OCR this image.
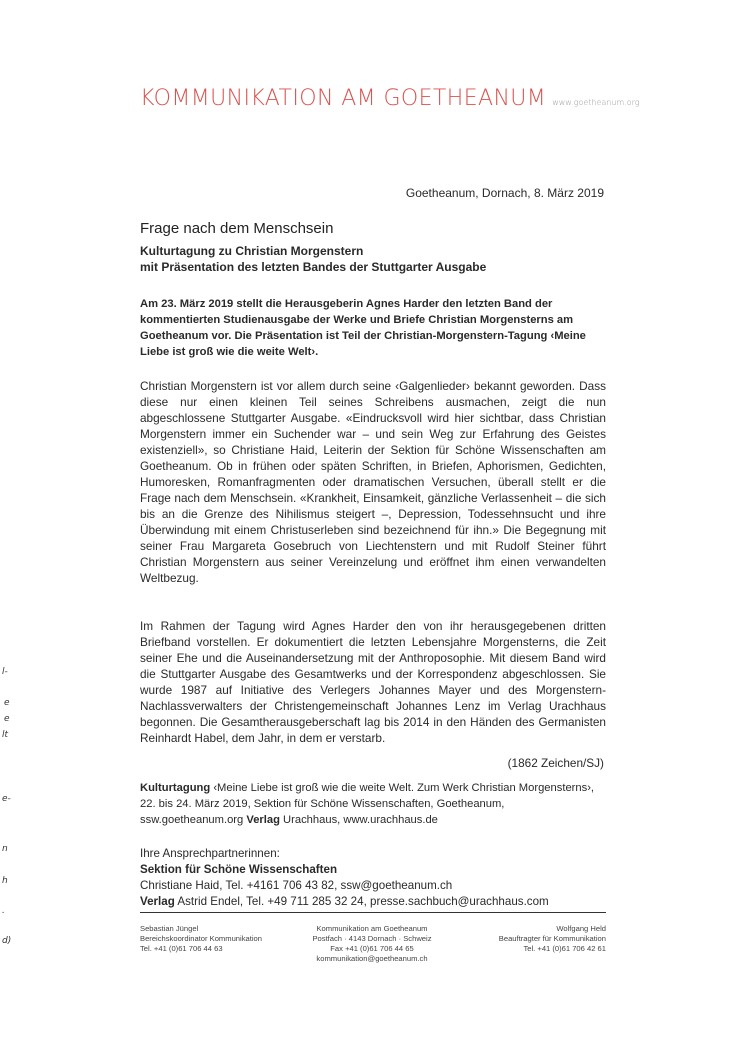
KOMMUNIKATION AM GOETHEANUM www.goetheanum.org
Goetheanum, Dornach, 8. März 2019
Frage nach dem Menschsein
Kulturtagung zu Christian Morgenstern
mit Präsentation des letzten Bandes der Stuttgarter Ausgabe
Am 23. März 2019 stellt die Herausgeberin Agnes Harder den letzten Band der kommentierten Studienausgabe der Werke und Briefe Christian Morgensterns am Goetheanum vor. Die Präsentation ist Teil der Christian-Morgenstern-Tagung ‹Meine Liebe ist groß wie die weite Welt›.
Christian Morgenstern ist vor allem durch seine ‹Galgenlieder› bekannt geworden. Dass diese nur einen kleinen Teil seines Schreibens ausmachen, zeigt die nun abgeschlossene Stuttgarter Ausgabe. «Eindrucksvoll wird hier sichtbar, dass Christian Morgenstern immer ein Suchender war – und sein Weg zur Erfahrung des Geistes existenziell», so Christiane Haid, Leiterin der Sektion für Schöne Wissenschaften am Goetheanum. Ob in frühen oder späten Schriften, in Briefen, Aphorismen, Gedichten, Humoresken, Romanfragmenten oder dramatischen Versuchen, überall stellt er die Frage nach dem Menschsein. «Krankheit, Einsamkeit, gänzliche Verlassenheit – die sich bis an die Grenze des Nihilismus steigert –, Depression, Todessehnsucht und ihre Überwindung mit einem Christuserleben sind bezeichnend für ihn.» Die Begegnung mit seiner Frau Margareta Gosebruch von Liechtenstern und mit Rudolf Steiner führt Christian Morgenstern aus seiner Vereinzelung und eröffnet ihm einen verwandelten Weltbezug.
Im Rahmen der Tagung wird Agnes Harder den von ihr herausgegebenen dritten Briefband vorstellen. Er dokumentiert die letzten Lebensjahre Morgensterns, die Zeit seiner Ehe und die Auseinandersetzung mit der Anthroposophie. Mit diesem Band wird die Stuttgarter Ausgabe des Gesamtwerks und der Korrespondenz abgeschlossen. Sie wurde 1987 auf Initiative des Verlegers Johannes Mayer und des Morgenstern-Nachlassverwalters der Christengemeinschaft Johannes Lenz im Verlag Urachhaus begonnen. Die Gesamtherausgeberschaft lag bis 2014 in den Händen des Germanisten Reinhardt Habel, dem Jahr, in dem er verstarb.
(1862 Zeichen/SJ)
Kulturtagung ‹Meine Liebe ist groß wie die weite Welt. Zum Werk Christian Morgensterns›, 22. bis 24. März 2019, Sektion für Schöne Wissenschaften, Goetheanum, ssw.goetheanum.org Verlag Urachhaus, www.urachhaus.de
Ihre Ansprechpartnerinnen:
Sektion für Schöne Wissenschaften
Christiane Haid, Tel. +4161 706 43 82, ssw@goetheanum.ch
Verlag Astrid Endel, Tel. +49 711 285 32 24, presse.sachbuch@urachhaus.com
Sebastian Jüngel
Bereichskoordinator Kommunikation
Tel. +41 (0)61 706 44 63
Kommunikation am Goetheanum
Postfach · 4143 Dornach · Schweiz
Fax +41 (0)61 706 44 65
kommunikation@goetheanum.ch
Wolfgang Held
Beauftragter für Kommunikation
Tel. +41 (0)61 706 42 61
l-
e
e
lt
e-
n
h
.
d)
